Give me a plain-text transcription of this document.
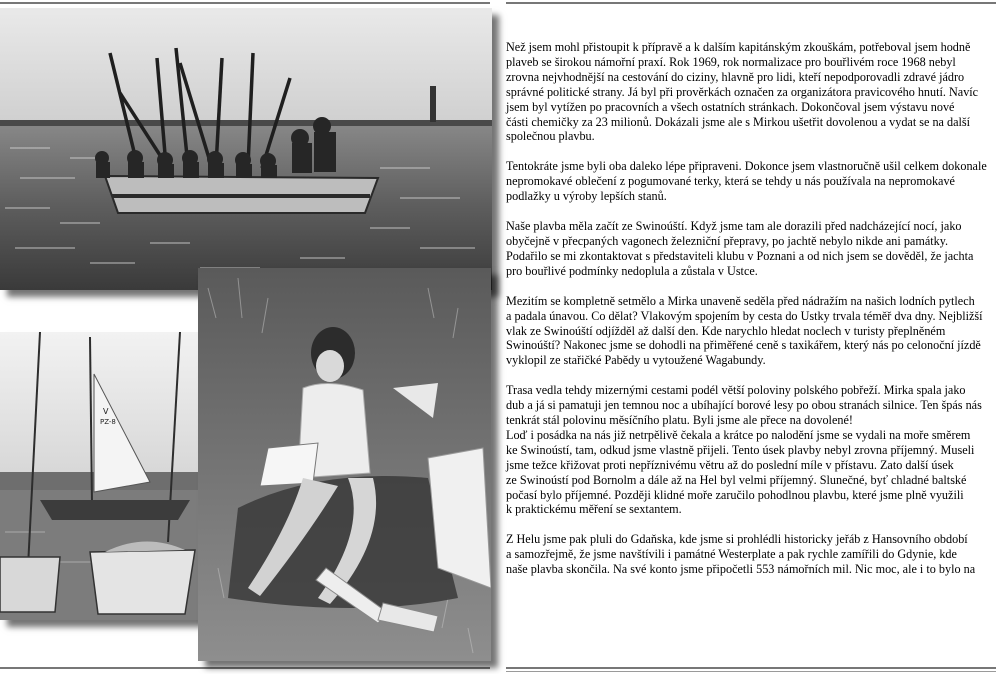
V
PZ-8

Než jsem mohl přistoupit k přípravě a k dalším kapitánským zkouškám, potřeboval jsem hodně
plaveb se širokou námořní praxí. Rok 1969, rok normalizace pro bouřlivém roce 1968 nebyl
zrovna nejvhodnější na cestování do ciziny, hlavně pro lidi, kteří nepodporovadli zdravé jádro
správné politické strany. Já byl při prověrkách označen za organizátora pravicového hnutí. Navíc
jsem byl vytížen po pracovních a všech ostatních stránkach. Dokončoval jsem výstavu nové
části chemičky za 23 milionů. Dokázali jsme ale s Mirkou ušetřit dovolenou a vydat se na další
společnou plavbu.

Tentokráte jsme byli oba daleko lépe připraveni. Dokonce jsem vlastnoručně ušil celkem dokonale
nepromokavé oblečení z pogumované terky, která se tehdy u nás používala na nepromokavé
podlažky u výroby lepších stanů.

Naše plavba měla začít ze Swinoúští. Když jsme tam ale dorazili před nadcházející nocí, jako
obyčejně v přecpaných vagonech železniční přepravy, po jachtě nebylo nikde ani památky.
Podařilo se mi zkontaktovat s představiteli klubu v Poznani a od nich jsem se dověděl, že jachta
pro bouřlivé podmínky nedoplula a zůstala v Ustce.

Mezitím se kompletně setmělo a Mirka unaveně seděla před nádražím na našich lodních pytlech
a padala únavou. Co dělat? Vlakovým spojením by cesta do Ustky trvala téměř dva dny. Nejbližší
vlak ze Swinoúští odjížděl až další den. Kde narychlo hledat noclech v turisty přeplněném
Swinoúští? Nakonec jsme se dohodli na přiměřené ceně s taxikářem, který nás po celonoční jízdě
vyklopil ze stařičké Pabědy u vytoužené Wagabundy.

Trasa vedla tehdy mizernými cestami podél větší poloviny polského pobřeží. Mirka spala jako
dub a já si pamatuji jen temnou noc a ubíhající borové lesy po obou stranách silnice. Ten špás nás
tenkrát stál polovinu měsíčního platu. Byli jsme ale přece na dovolené!
Loď i posádka na nás již netrpělivě čekala a krátce po nalodění jsme se vydali na moře směrem
ke Swinoústí, tam, odkud jsme vlastně přijeli. Tento úsek plavby nebyl zrovna příjemný. Museli
jsme težce křižovat proti nepříznivému větru až do poslední míle v přístavu. Zato další úsek
ze Swinoústí pod Bornolm a dále až na Hel byl velmi příjemný. Slunečné, byť chladné baltské
počasí bylo příjemné. Později klidné moře zaručilo pohodlnou plavbu, které jsme plně využili
k praktickému měření se sextantem.

Z Helu jsme pak pluli do Gdaňska, kde jsme si prohlédli historicky jeřáb z Hansovního období
a samozřejmě, že jsme navštívili i památné Westerplate a pak rychle zamířili do Gdynie, kde
naše plavba skončila. Na své konto jsme připočetli 553 námořních mil. Nic moc, ale i to bylo na
